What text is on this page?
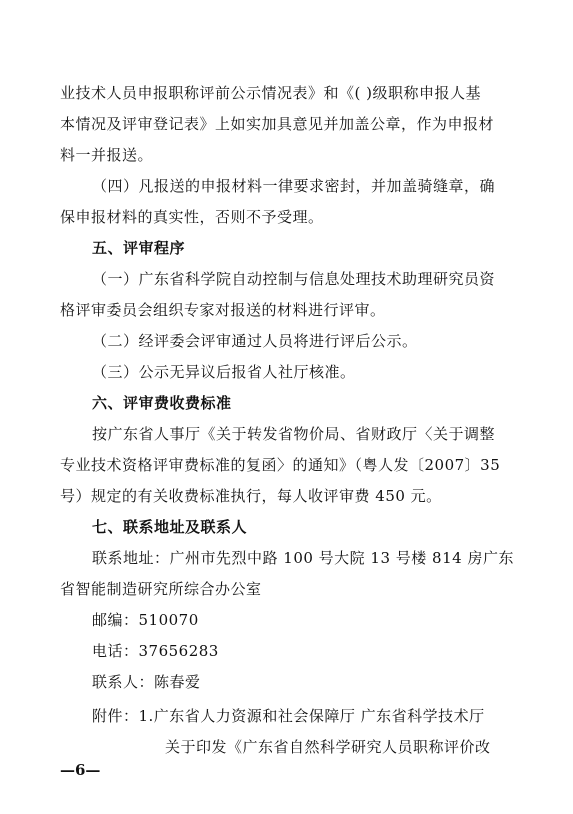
业技术人员申报职称评前公示情况表》和《( )级职称申报人基
本情况及评审登记表》上如实加具意见并加盖公章，作为申报材
料一并报送。
（四）凡报送的申报材料一律要求密封，并加盖骑缝章，确
保申报材料的真实性，否则不予受理。
五、评审程序
（一）广东省科学院自动控制与信息处理技术助理研究员资
格评审委员会组织专家对报送的材料进行评审。
（二）经评委会评审通过人员将进行评后公示。
（三）公示无异议后报省人社厅核准。
六、评审费收费标准
按广东省人事厅《关于转发省物价局、省财政厅〈关于调整
专业技术资格评审费标准的复函〉的通知》（粤人发〔2007〕35
号）规定的有关收费标准执行，每人收评审费 450 元。
七、联系地址及联系人
联系地址：广州市先烈中路 100 号大院 13 号楼 814 房广东
省智能制造研究所综合办公室
邮编：510070
电话：37656283
联系人：陈春爱
附件：1.广东省人力资源和社会保障厅 广东省科学技术厅
关于印发《广东省自然科学研究人员职称评价改
—6—
